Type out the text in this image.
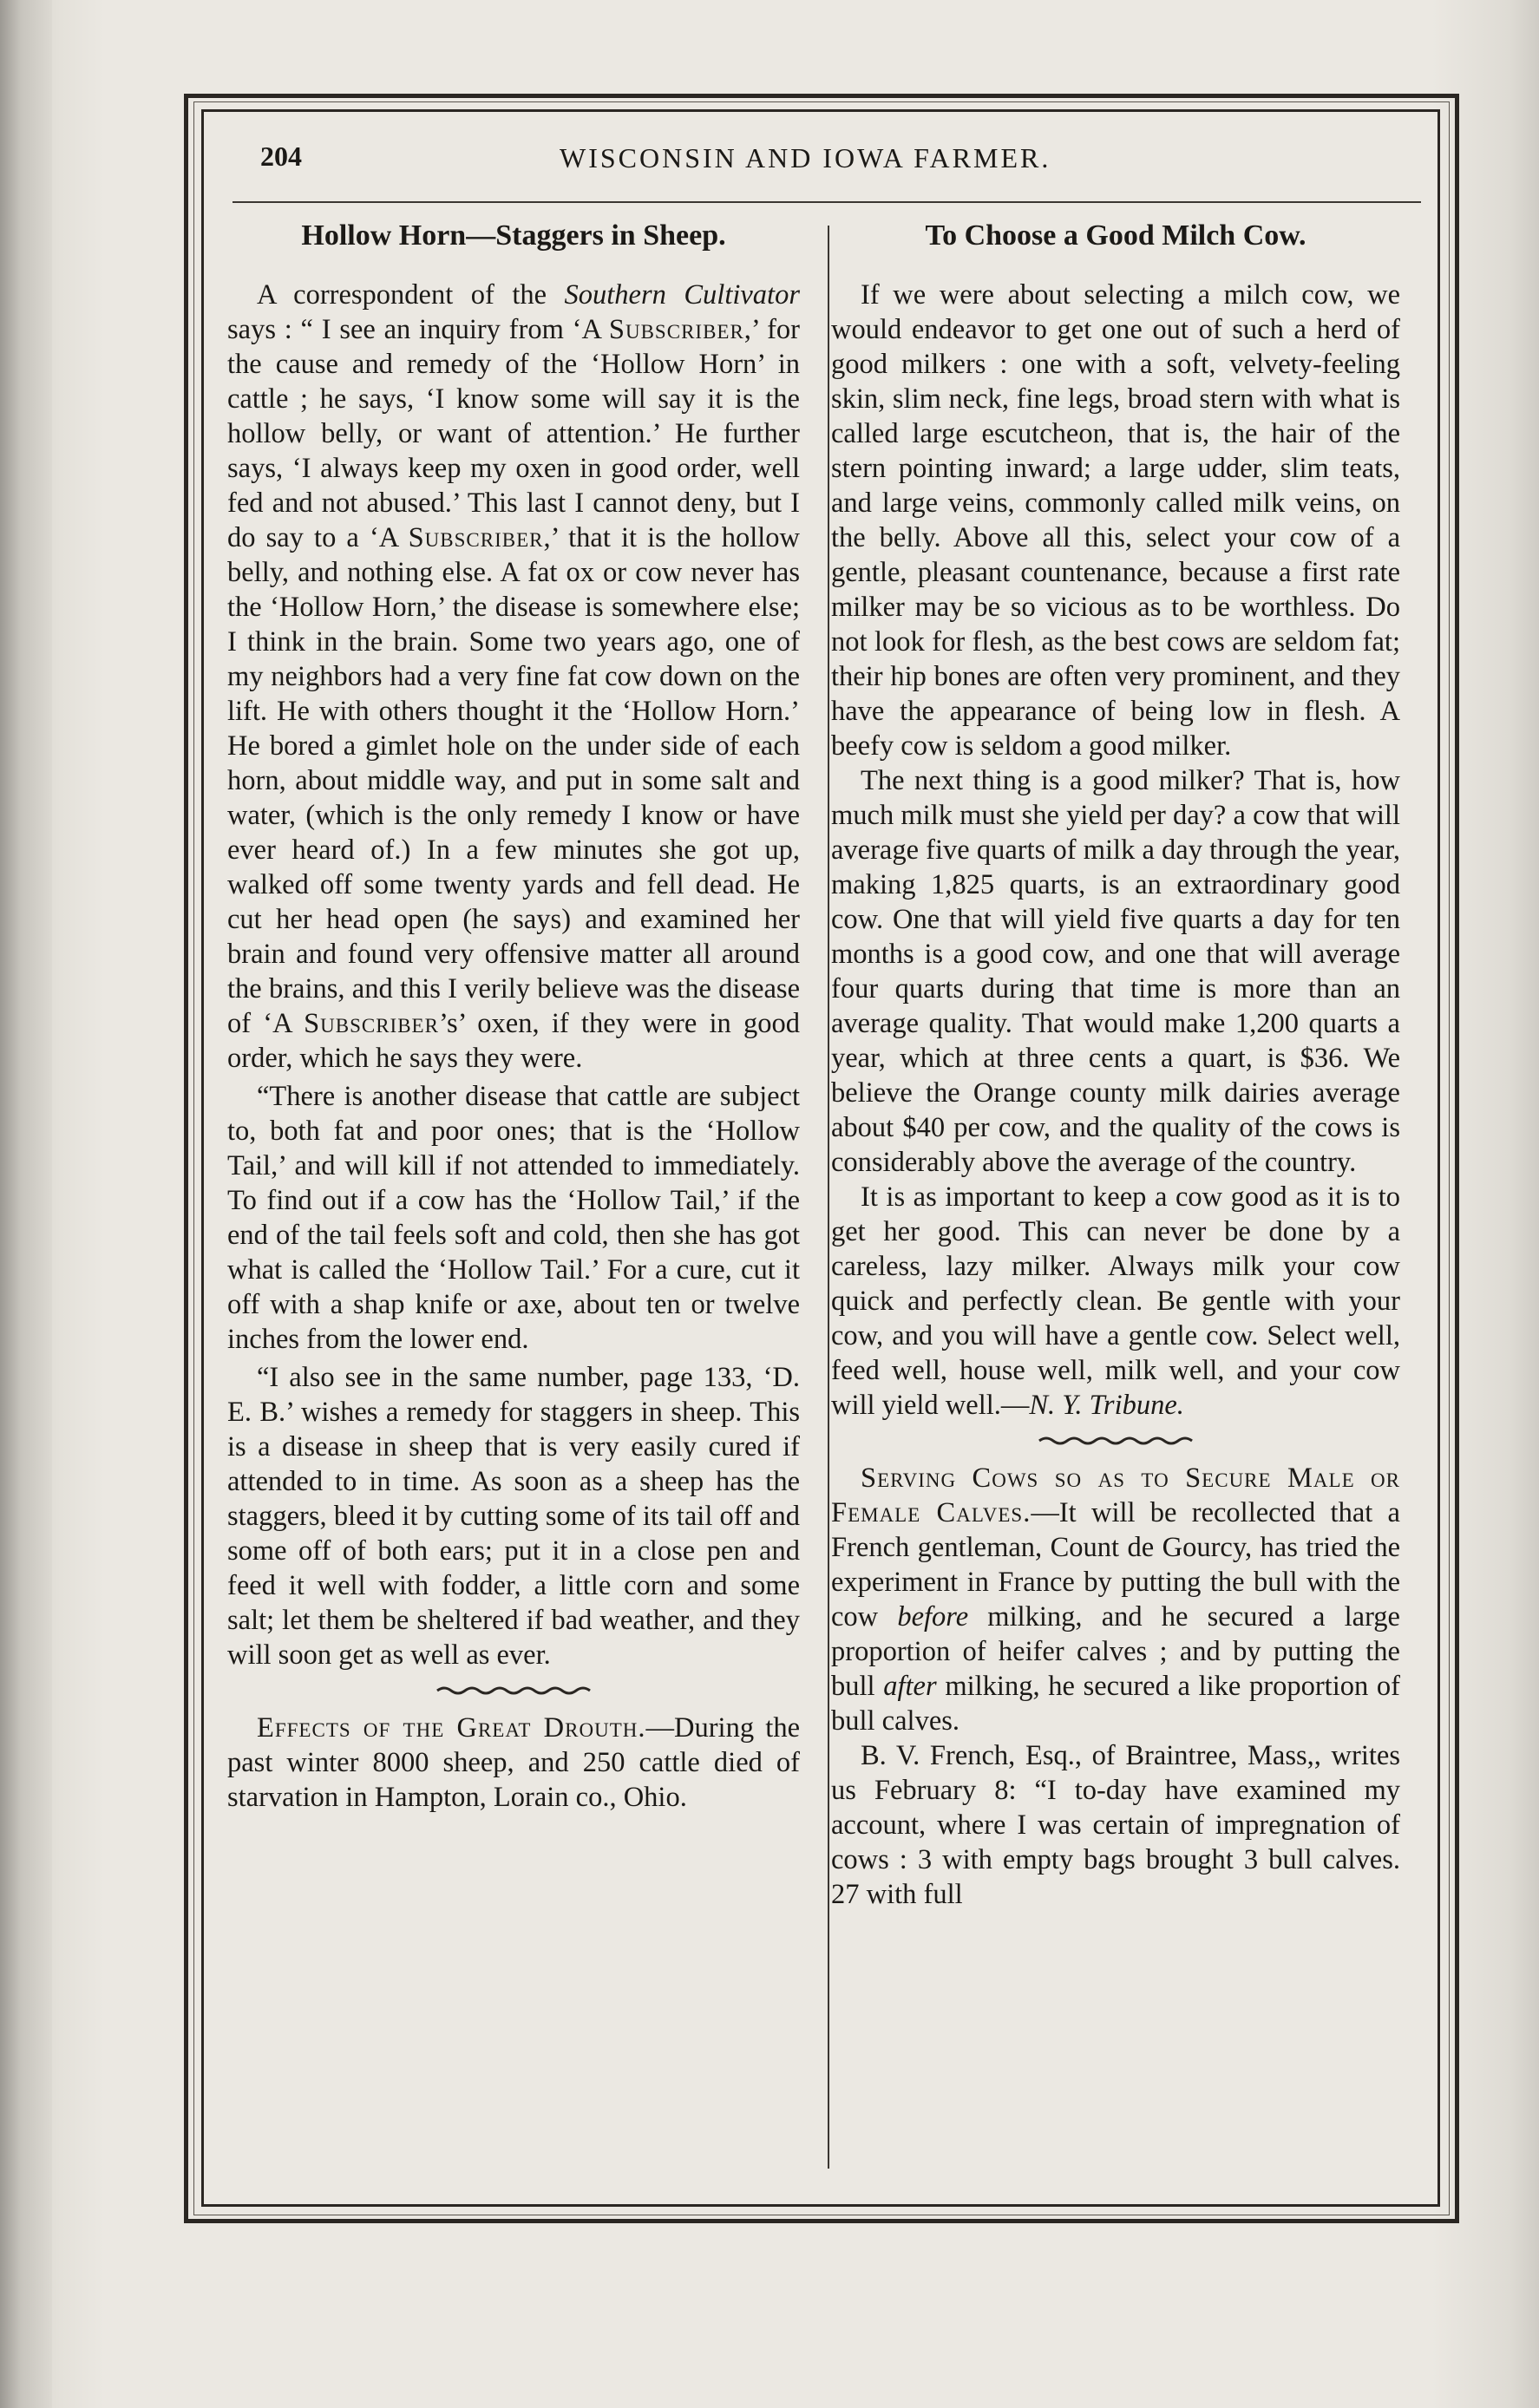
204	WISCONSIN AND IOWA FARMER.
Hollow Horn—Staggers in Sheep.

A correspondent of the Southern Cultivator says : “ I see an inquiry from ‘A Subscriber,’ for the cause and remedy of the ‘Hollow Horn’ in cattle ; he says, ‘I know some will say it is the hollow belly, or want of attention.’ He further says, ‘I always keep my oxen in good order, well fed and not abused.’ This last I cannot deny, but I do say to a ‘A Subscriber,’ that it is the hollow belly, and nothing else. A fat ox or cow never has the ‘Hollow Horn,’ the disease is somewhere else; I think in the brain. Some two years ago, one of my neighbors had a very fine fat cow down on the lift. He with others thought it the ‘Hollow Horn.’ He bored a gimlet hole on the under side of each horn, about middle way, and put in some salt and water, (which is the only remedy I know or have ever heard of.) In a few minutes she got up, walked off some twenty yards and fell dead. He cut her head open (he says) and examined her brain and found very offensive matter all around the brains, and this I verily believe was the disease of ‘A Subscriber’s’ oxen, if they were in good order, which he says they were.

“There is another disease that cattle are subject to, both fat and poor ones; that is the ‘Hollow Tail,’ and will kill if not attended to immediately. To find out if a cow has the ‘Hollow Tail,’ if the end of the tail feels soft and cold, then she has got what is called the ‘Hollow Tail.’ For a cure, cut it off with a shap knife or axe, about ten or twelve inches from the lower end.

“I also see in the same number, page 133, ‘D. E. B.’ wishes a remedy for staggers in sheep. This is a disease in sheep that is very easily cured if attended to in time. As soon as a sheep has the staggers, bleed it by cutting some of its tail off and some off of both ears; put it in a close pen and feed it well with fodder, a little corn and some salt; let them be sheltered if bad weather, and they will soon get as well as ever.

Effects of the Great Drouth.—During the past winter 8000 sheep, and 250 cattle died of starvation in Hampton, Lorain co., Ohio.

To Choose a Good Milch Cow.

If we were about selecting a milch cow, we would endeavor to get one out of such a herd of good milkers : one with a soft, velvety-feeling skin, slim neck, fine legs, broad stern with what is called large escutcheon, that is, the hair of the stern pointing inward; a large udder, slim teats, and large veins, commonly called milk veins, on the belly. Above all this, select your cow of a gentle, pleasant countenance, because a first rate milker may be so vicious as to be worthless. Do not look for flesh, as the best cows are seldom fat; their hip bones are often very prominent, and they have the appearance of being low in flesh. A beefy cow is seldom a good milker.

The next thing is a good milker? That is, how much milk must she yield per day? a cow that will average five quarts of milk a day through the year, making 1,825 quarts, is an extraordinary good cow. One that will yield five quarts a day for ten months is a good cow, and one that will average four quarts during that time is more than an average quality. That would make 1,200 quarts a year, which at three cents a quart, is $36. We believe the Orange county milk dairies average about $40 per cow, and the quality of the cows is considerably above the average of the country.

It is as important to keep a cow good as it is to get her good. This can never be done by a careless, lazy milker. Always milk your cow quick and perfectly clean. Be gentle with your cow, and you will have a gentle cow. Select well, feed well, house well, milk well, and your cow will yield well.—N. Y. Tribune.

Serving Cows so as to Secure Male or Female Calves.—It will be recollected that a French gentleman, Count de Gourcy, has tried the experiment in France by putting the bull with the cow before milking, and he secured a large proportion of heifer calves ; and by putting the bull after milking, he secured a like proportion of bull calves.

B. V. French, Esq., of Braintree, Mass,, writes us February 8: “I to-day have examined my account, where I was certain of impregnation of cows : 3 with empty bags brought 3 bull calves. 27 with full
